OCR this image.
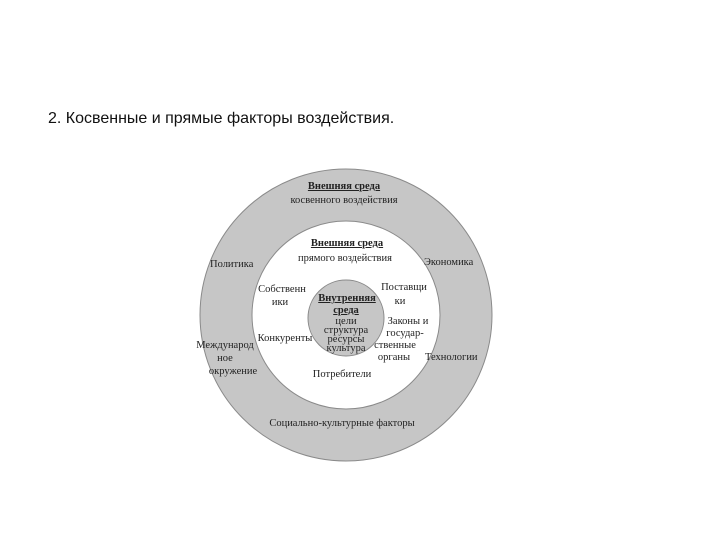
2. Косвенные и прямые факторы воздействия.
Внешняя среда
косвенного воздействия
Политика	Экономика
Международ
ное
окружение
Технологии
Социально-культурные факторы
Внешняя среда
прямого воздействия
Собственн
ики
Поставщи
ки
Конкуренты
Законы и
государ-
ственные
органы
Потребители
Внутренняя
среда
цели
структура
ресурсы
культура
